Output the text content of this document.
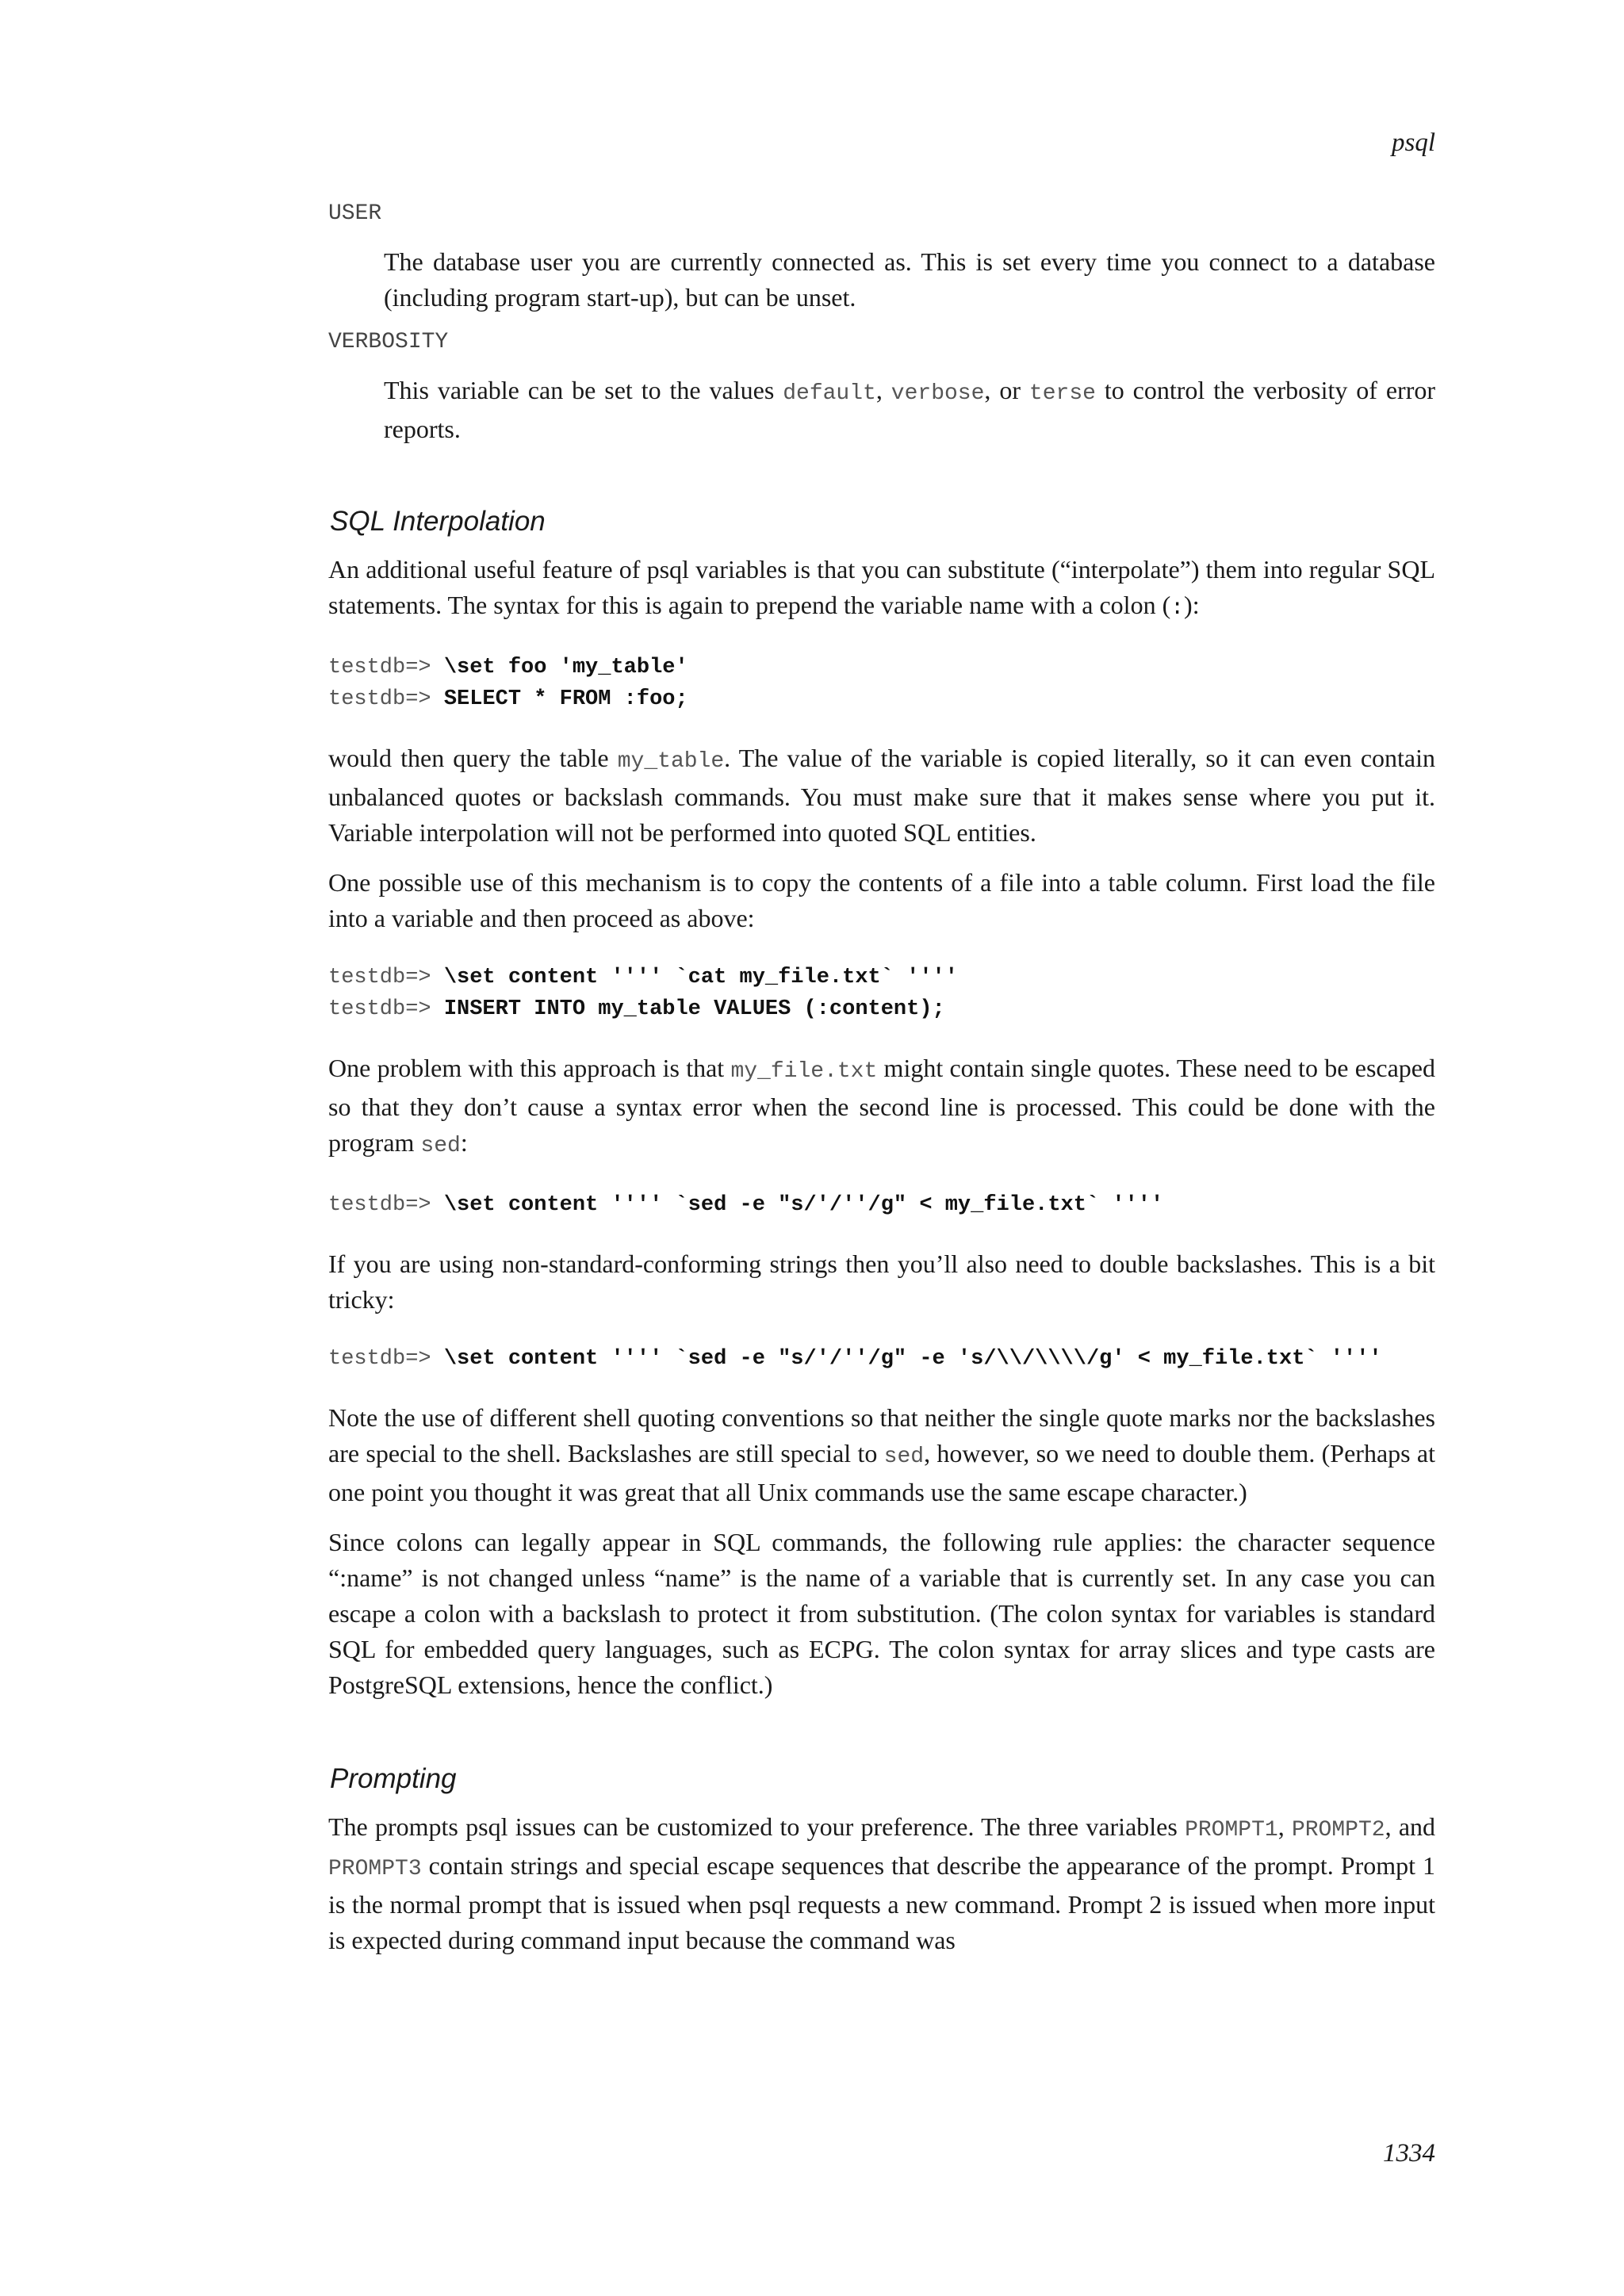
psql
USER
The database user you are currently connected as. This is set every time you connect to a database (including program start-up), but can be unset.
VERBOSITY
This variable can be set to the values default, verbose, or terse to control the verbosity of error reports.
SQL Interpolation

An additional useful feature of psql variables is that you can substitute (“interpolate”) them into regular SQL statements. The syntax for this is again to prepend the variable name with a colon (:):

testdb=> \set foo 'my_table'
testdb=> SELECT * FROM :foo;

would then query the table my_table. The value of the variable is copied literally, so it can even contain unbalanced quotes or backslash commands. You must make sure that it makes sense where you put it. Variable interpolation will not be performed into quoted SQL entities.

One possible use of this mechanism is to copy the contents of a file into a table column. First load the file into a variable and then proceed as above:

testdb=> \set content '''' `cat my_file.txt` ''''
testdb=> INSERT INTO my_table VALUES (:content);

One problem with this approach is that my_file.txt might contain single quotes. These need to be escaped so that they don’t cause a syntax error when the second line is processed. This could be done with the program sed:

testdb=> \set content '''' `sed -e "s/'/''/g" < my_file.txt` ''''

If you are using non-standard-conforming strings then you’ll also need to double backslashes. This is a bit tricky:

testdb=> \set content '''' `sed -e "s/'/''/g" -e 's/\\/\\\\/g' < my_file.txt` ''''

Note the use of different shell quoting conventions so that neither the single quote marks nor the backslashes are special to the shell. Backslashes are still special to sed, however, so we need to double them. (Perhaps at one point you thought it was great that all Unix commands use the same escape character.)

Since colons can legally appear in SQL commands, the following rule applies: the character sequence “:name” is not changed unless “name” is the name of a variable that is currently set. In any case you can escape a colon with a backslash to protect it from substitution. (The colon syntax for variables is standard SQL for embedded query languages, such as ECPG. The colon syntax for array slices and type casts are PostgreSQL extensions, hence the conflict.)

Prompting

The prompts psql issues can be customized to your preference. The three variables PROMPT1, PROMPT2, and PROMPT3 contain strings and special escape sequences that describe the appearance of the prompt. Prompt 1 is the normal prompt that is issued when psql requests a new command. Prompt 2 is issued when more input is expected during command input because the command was

1334
